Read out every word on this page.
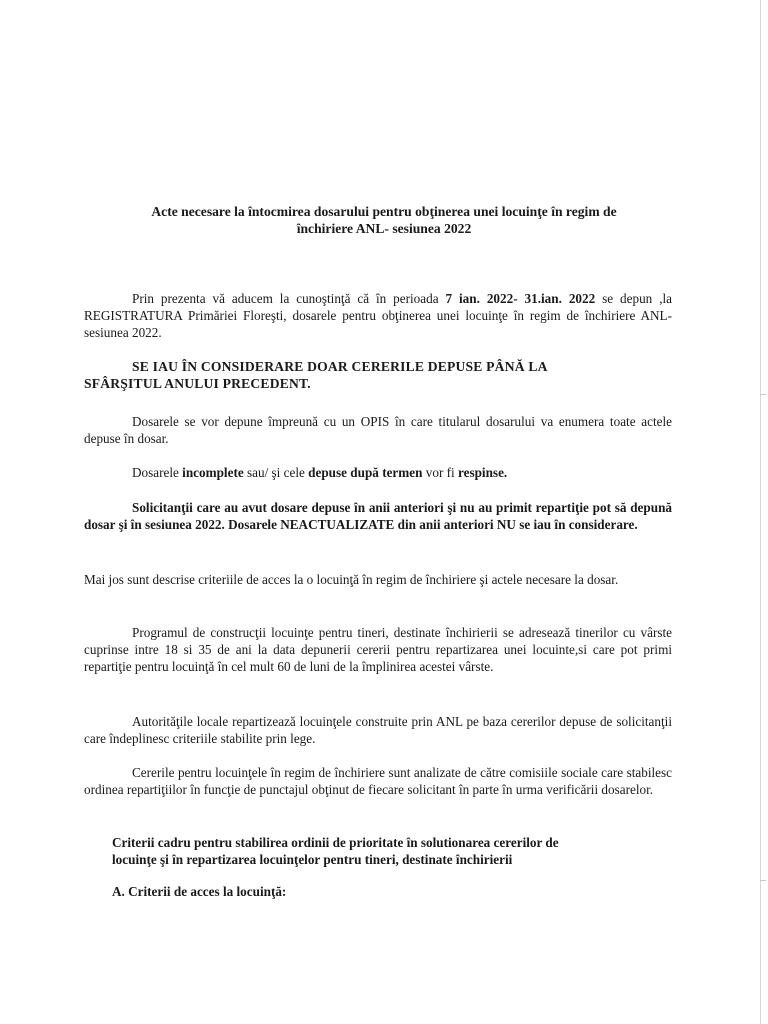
Acte necesare la întocmirea dosarului pentru obţinerea unei locuinţe în regim de
închiriere ANL- sesiunea 2022
Prin prezenta vă aducem la cunoştinţă că în perioada 7 ian. 2022- 31.ian. 2022 se depun ,la REGISTRATURA Primăriei Floreşti, dosarele pentru obţinerea unei locuinţe în regim de închiriere ANL- sesiunea 2022.
SE IAU ÎN CONSIDERARE DOAR CERERILE DEPUSE PÂNĂ LA
SFÂRŞITUL ANULUI PRECEDENT.
Dosarele se vor depune împreună cu un OPIS în care titularul dosarului va enumera toate actele depuse în dosar.
Dosarele incomplete sau/ şi cele depuse după termen vor fi respinse.
Solicitanţii care au avut dosare depuse în anii anteriori şi nu au primit repartiţie pot să depună dosar şi în sesiunea 2022. Dosarele NEACTUALIZATE din anii anteriori NU se iau în considerare.
Mai jos sunt descrise criteriile de acces la o locuinţă în regim de închiriere şi actele necesare la dosar.
Programul de construcţii locuinţe pentru tineri, destinate închirierii se adresează tinerilor cu vârste cuprinse intre 18 si 35 de ani la data depunerii cererii pentru repartizarea unei locuinte,si care pot primi repartiţie pentru locuinţă în cel mult 60 de luni de la împlinirea acestei vârste.
Autorităţile locale repartizează locuinţele construite prin ANL pe baza cererilor depuse de solicitanţii care îndeplinesc criteriile stabilite prin lege.
Cererile pentru locuinţele în regim de închiriere sunt analizate de către comisiile sociale care stabilesc ordinea repartiţiilor în funcţie de punctajul obţinut de fiecare solicitant în parte în urma verificării dosarelor.
Criterii cadru pentru stabilirea ordinii de prioritate în solutionarea cererilor de
locuinţe şi în repartizarea locuinţelor pentru tineri, destinate închirierii
A. Criterii de acces la locuinţă:
